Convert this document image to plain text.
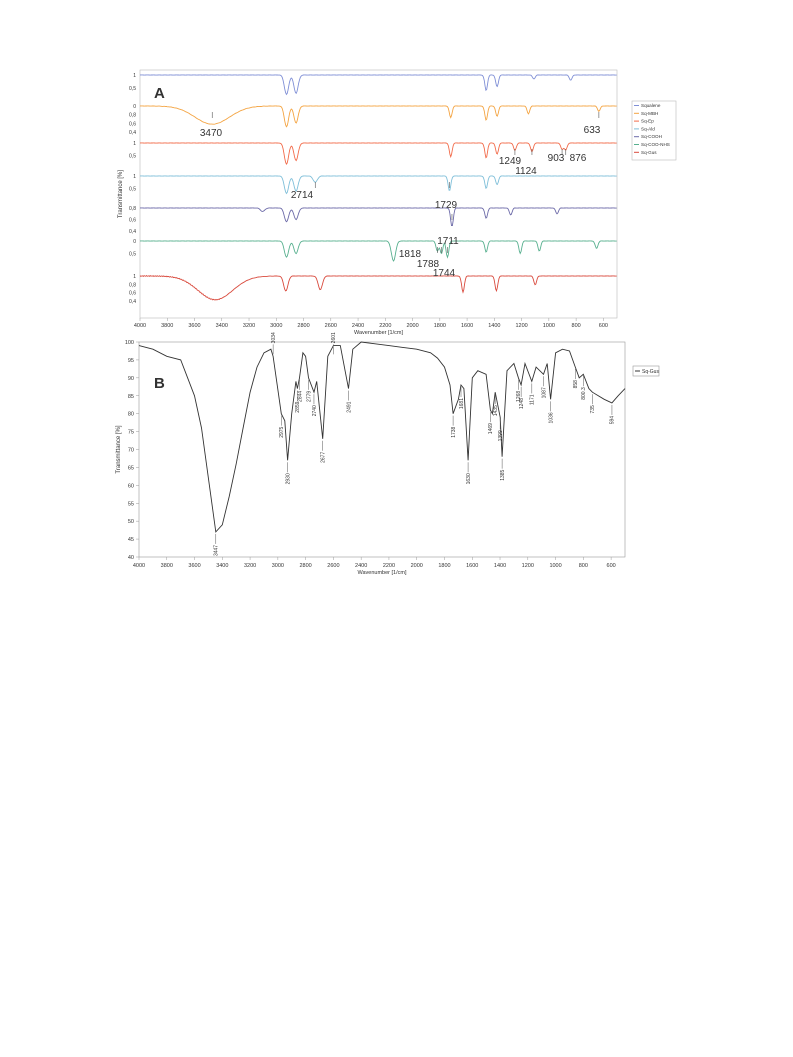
1
0,5
0
0,8
0,6
0,4
1
0,5
1
0,5
0,8
0,6
0,4
0
0,5
1
0,8
0,6
0,4
3470	633
1249	903 876
1124
2714
1729
1711
1818
1788
1744
4000	3800	3600	3400	3200	3000	2800	2600	2400	2200	2000	1800	1600	1400	1200	1000	800	600
Wavenumber [1/cm]
Transmittance [%]
Squalene
Sq-MBH
Sq-Ep
Sq-Ald
Sq-COOH
Sq-COO-NHS
Sq-Gus
3447
3034
2975
2930
2859
2844 2779
2740
2677
2601
2491
1738
1681
1630
1469
1435
1399
1385
1268
1248 1171
1087
1036
858
800.3
735
594
4000	3800	3600	3400	3200	3000	2800	2600	2400	2200	2000	1800	1600	1400	1200	1000	800	600
40
45
50
55
60
65
70
75
80
85
90
95
100
Wavenumber [1/cm]
Transmittance [%]
Sq-Gus
A
B
